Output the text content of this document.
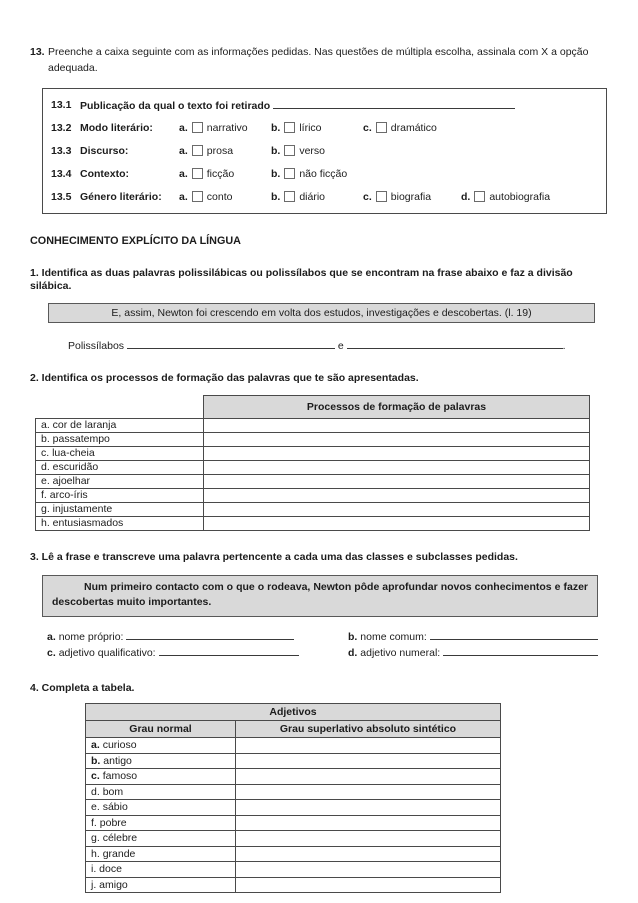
13. Preenche a caixa seguinte com as informações pedidas. Nas questões de múltipla escolha, assinala com X a opção adequada.
13.1 Publicação da qual o texto foi retirado
13.2 Modo literário: a. narrativo b. lírico	c. dramático
13.3 Discurso:	a. prosa	b. verso
13.4 Contexto:	a. ficção	b. não ficção
13.5 Género literário: a. conto	b. diário	c. biografia	d. autobiografia
CONHECIMENTO EXPLÍCITO DA LÍNGUA
1. Identifica as duas palavras polissilábicas ou polissílabos que se encontram na frase abaixo e faz a divisão silábica.
E, assim, Newton foi crescendo em volta dos estudos, investigações e descobertas. (l. 19)
Polissílabos	e	.
2. Identifica os processos de formação das palavras que te são apresentadas.
	Processos de formação de palavras
a. cor de laranja	
b. passatempo	
c. lua-cheia	
d. escuridão	
e. ajoelhar	
f. arco-íris	
g. injustamente	
h. entusiasmados	
3. Lê a frase e transcreve uma palavra pertencente a cada uma das classes e subclasses pedidas.
Num primeiro contacto com o que o rodeava, Newton pôde aprofundar novos conhecimentos e fazer descobertas muito importantes.
a. nome próprio:	b. nome comum:
c. adjetivo qualificativo:	d. adjetivo numeral:
4. Completa a tabela.
Adjetivos	
Grau normal	Grau superlativo absoluto sintético
a. curioso	
b. antigo	
c. famoso	
d. bom	
e. sábio	
f. pobre	
g. célebre	
h. grande	
i. doce	
j. amigo	
